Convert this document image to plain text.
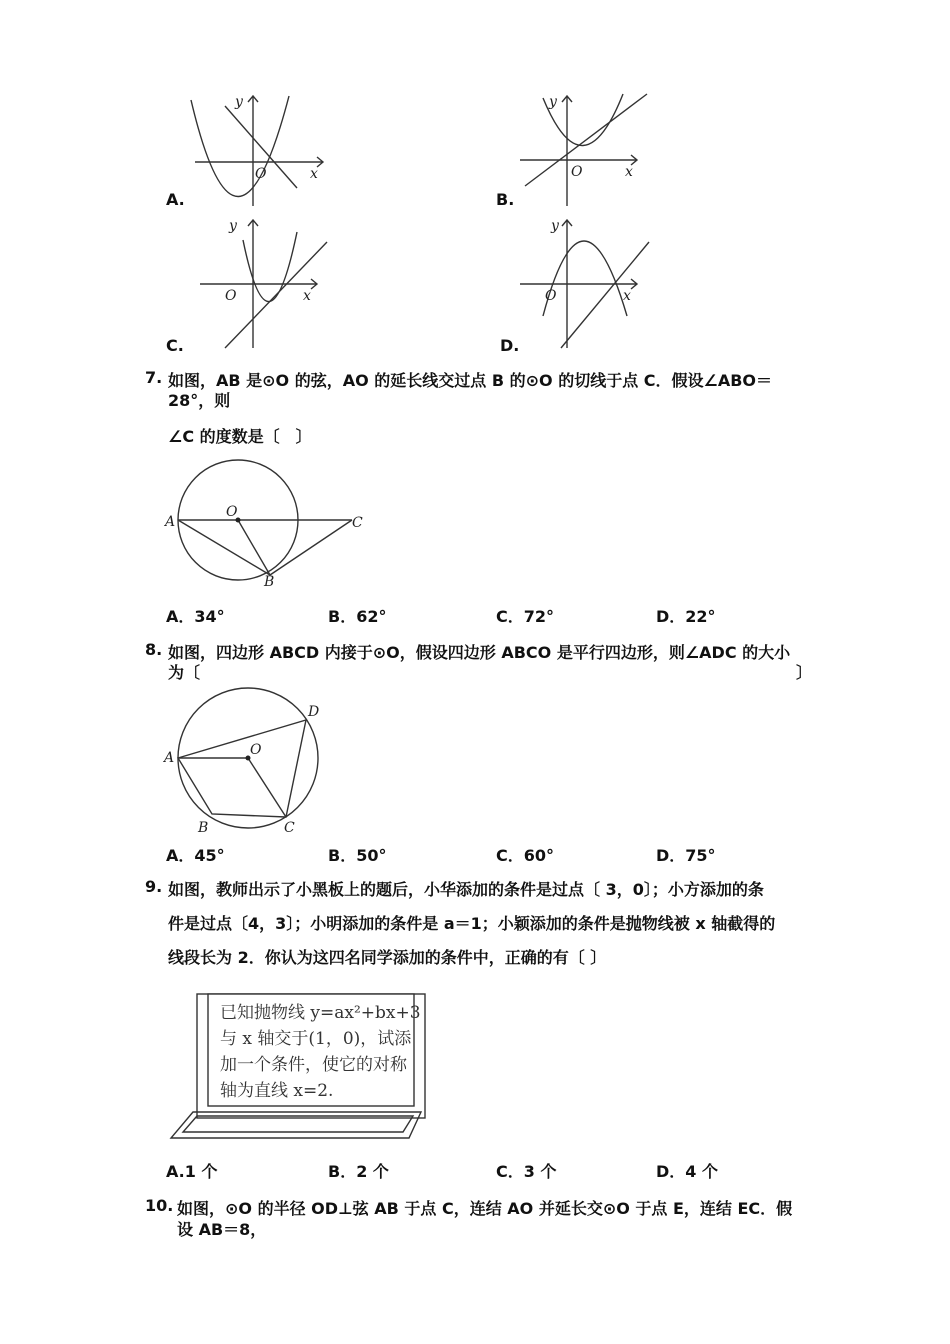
y
x
O
A.
y
x
O
B.
y
x
O
C.
y
x
O
D.
7. 如图，AB 是⊙O 的弦，AO 的延长线交过点 B 的⊙O 的切线于点 C．假设∠ABO＝
28°，则
∠C 的度数是〔　〕
A
O
C
B
A．34°	B．62°	C．72°	D．22°
8. 如图，四边形 ABCD 内接于⊙O，假设四边形 ABCO 是平行四边形，则∠ADC 的大小
为〔	〕
A	O
D
B	C
A．45°	B．50°	C．60°	D．75°
9. 如图，教师出示了小黑板上的题后，小华添加的条件是过点〔 3，0〕；小方添加的条
件是过点〔4，3〕；小明添加的条件是 a＝1；小颖添加的条件是抛物线被 x 轴截得的
线段长为 2．你认为这四名同学添加的条件中，正确的有〔 〕
已知抛物线 y=ax²+bx+3
与 x 轴交于(1，0)，试添
加一个条件，使它的对称
轴为直线 x=2.
A.1 个	B．2 个	C．3 个	D．4 个
10. 如图，⊙O 的半径 OD⊥弦 AB 于点 C，连结 AO 并延长交⊙O 于点 E，连结 EC．假
设 AB＝8，
